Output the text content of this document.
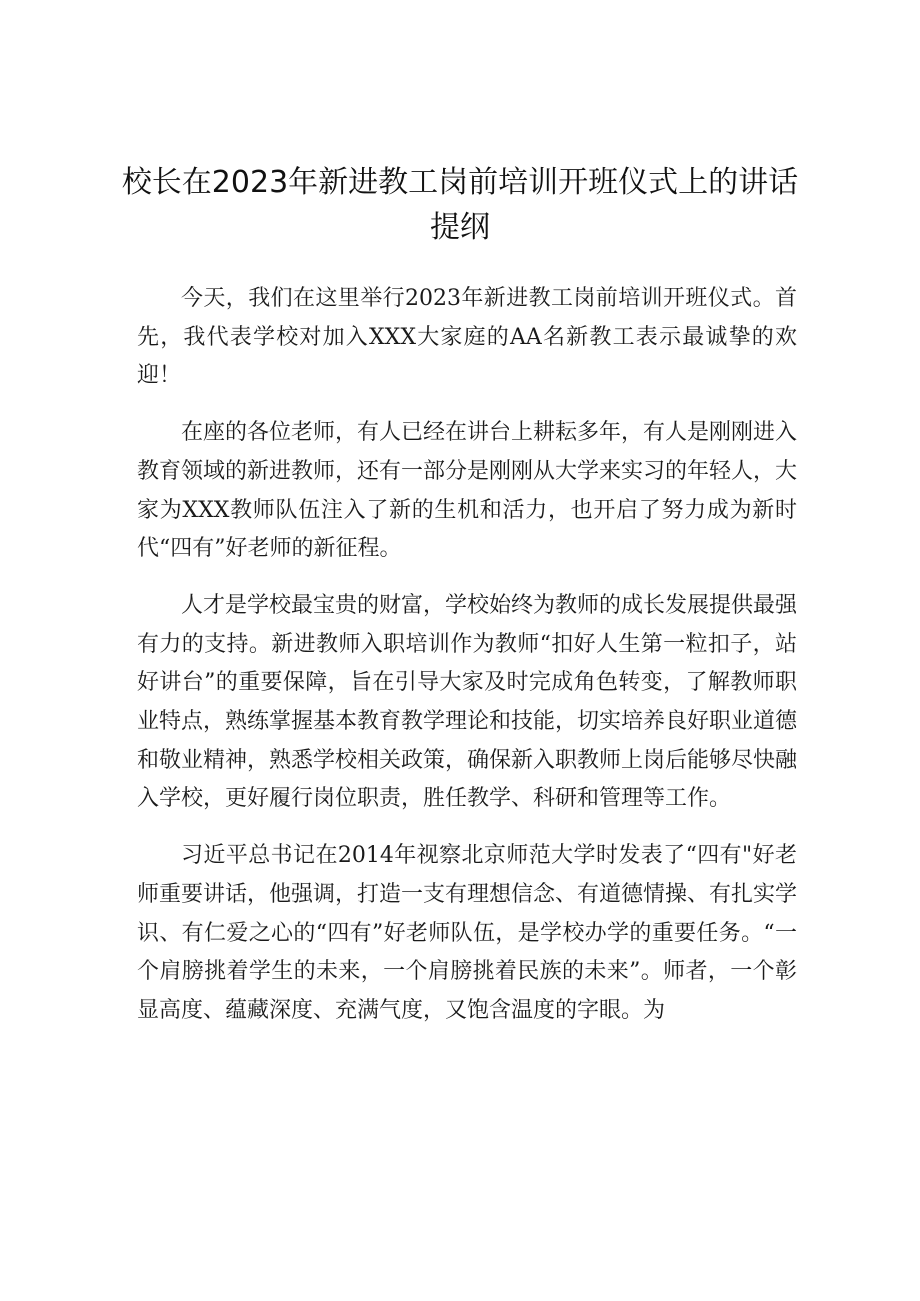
校长在2023年新进教工岗前培训开班仪式上的讲话提纲

今天，我们在这里举行2023年新进教工岗前培训开班仪式。首先，我代表学校对加入XXX大家庭的AA名新教工表示最诚挚的欢迎！

在座的各位老师，有人已经在讲台上耕耘多年，有人是刚刚进入教育领域的新进教师，还有一部分是刚刚从大学来实习的年轻人，大家为XXX教师队伍注入了新的生机和活力，也开启了努力成为新时代“四有”好老师的新征程。

人才是学校最宝贵的财富，学校始终为教师的成长发展提供最强有力的支持。新进教师入职培训作为教师“扣好人生第一粒扣子，站好讲台”的重要保障，旨在引导大家及时完成角色转变，了解教师职业特点，熟练掌握基本教育教学理论和技能，切实培养良好职业道德和敬业精神，熟悉学校相关政策，确保新入职教师上岗后能够尽快融入学校，更好履行岗位职责，胜任教学、科研和管理等工作。

习近平总书记在2014年视察北京师范大学时发表了“四有"好老师重要讲话，他强调，打造一支有理想信念、有道德情操、有扎实学识、有仁爱之心的“四有”好老师队伍，是学校办学的重要任务。“一个肩膀挑着学生的未来，一个肩膀挑着民族的未来”。师者，一个彰显高度、蕴藏深度、充满气度，又饱含温度的字眼。为
